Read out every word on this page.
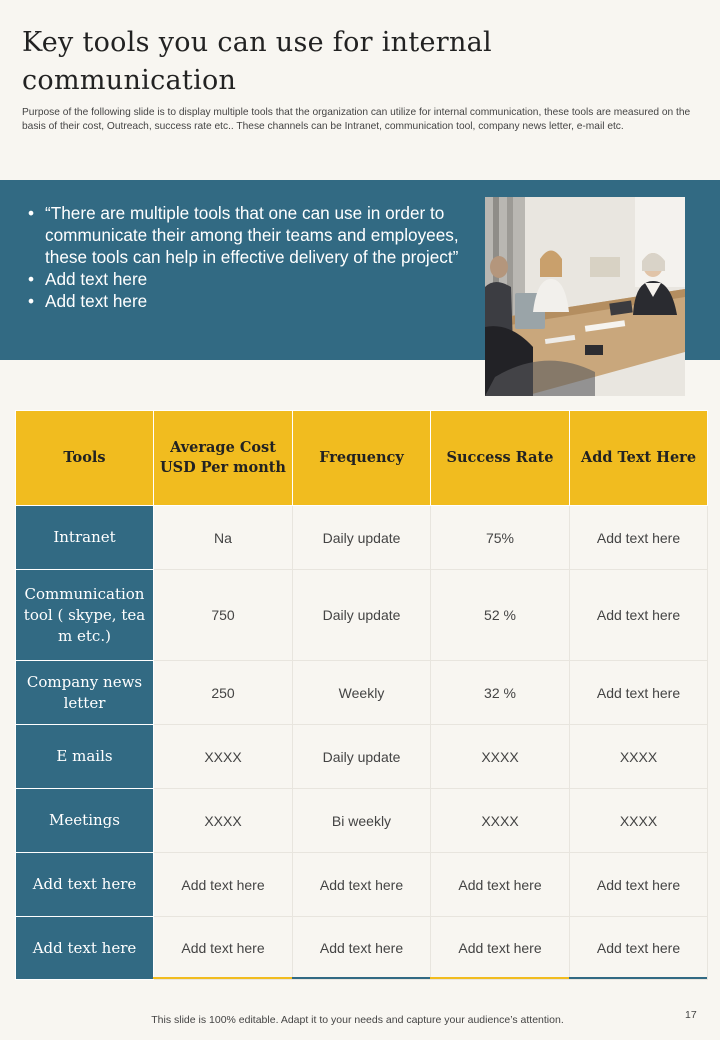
Key tools you can use for internal communication
Purpose of the following slide is to display multiple tools that the organization can utilize for internal communication, these tools are measured on the basis of their cost, Outreach, success rate etc.. These channels can be Intranet, communication tool, company news letter, e-mail etc.
• “There are multiple tools that one can use in order to communicate their among their teams and employees, these tools can help in effective delivery of the project”
• Add text here
• Add text here
Tools	Average Cost USD Per month	Frequency	Success Rate	Add Text Here
Intranet	Na	Daily update	75%	Add text here
Communication tool ( skype, team etc.)	750	Daily update	52 %	Add text here
Company news letter	250	Weekly	32 %	Add text here
E mails	XXXX	Daily update	XXXX	XXXX
Meetings	XXXX	Bi weekly	XXXX	XXXX
Add text here	Add text here	Add text here	Add text here	Add text here
Add text here	Add text here	Add text here	Add text here	Add text here
This slide is 100% editable. Adapt it to your needs and capture your audience’s attention.	17
